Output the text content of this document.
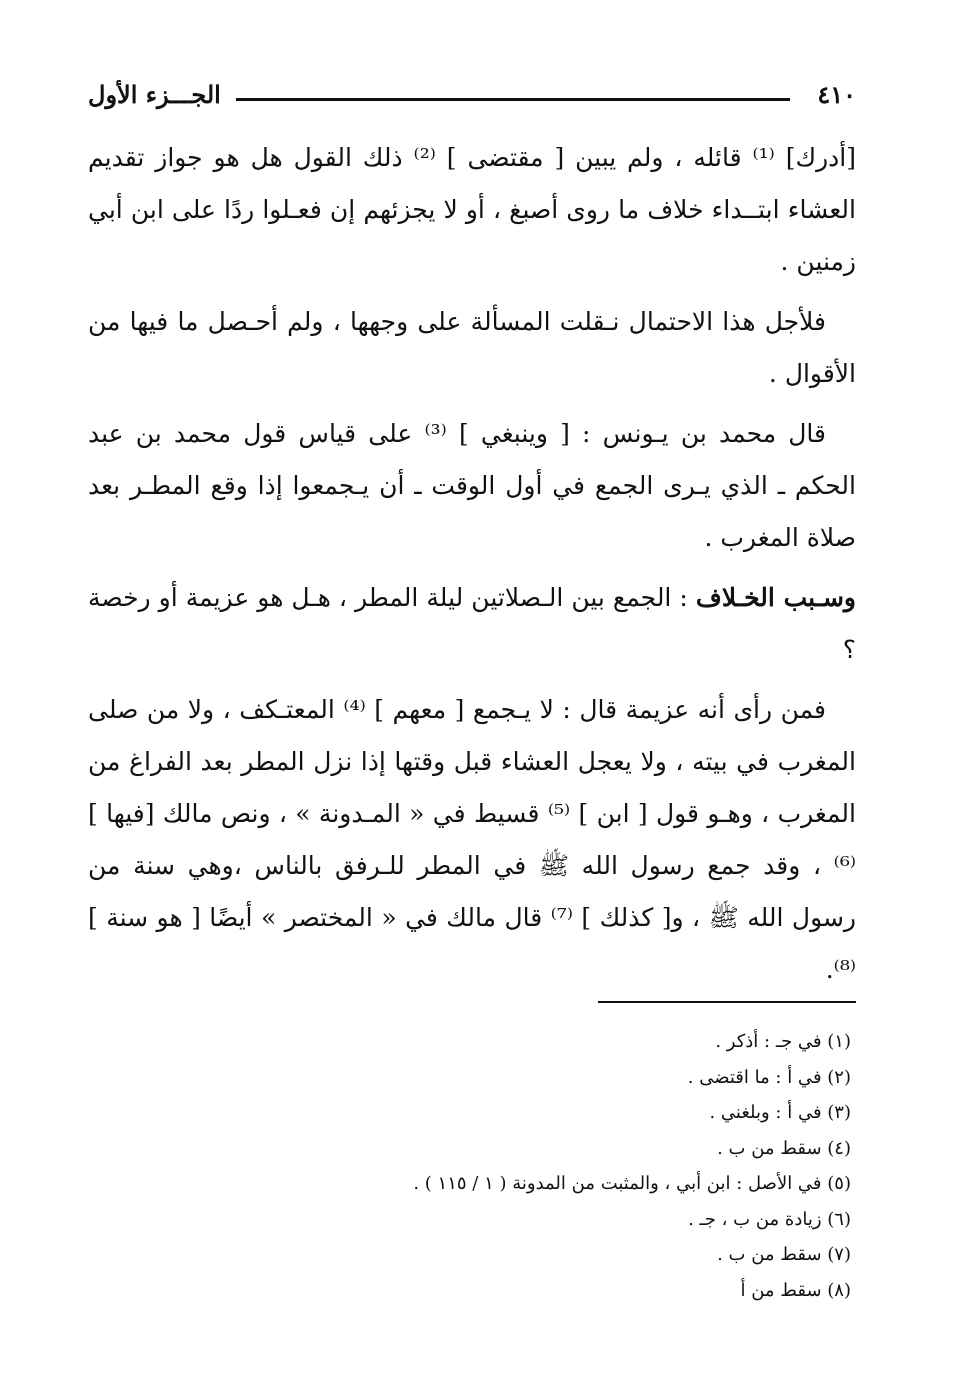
٤١٠
الجـــزء الأول

[أدرك] ⁽¹⁾ قائله ، ولم يبين [ مقتضى ] ⁽²⁾ ذلك القول هل هو جواز تقديم العشاء ابتــداء خلاف ما روى أصبغ ، أو لا يجزئهم إن فعـلوا ردًا على ابن أبي زمنين .

فلأجل هذا الاحتمال نـقلت المسألة على وجهها ، ولم أحـصل ما فيها من الأقوال .

قال محمد بن يـونس : [ وينبغي ] ⁽³⁾ على قياس قول محمد بن عبد الحكم ـ الذي يـرى الجمع في أول الوقت ـ أن يـجمعوا إذا وقع المطـر بعد صلاة المغرب .

وسـبب الخـلاف : الجمع بين الـصلاتين ليلة المطر ، هـل هو عزيمة أو رخصة ؟

فمن رأى أنه عزيمة قال : لا يـجمع [ معهم ] ⁽⁴⁾ المعتـكف ، ولا من صلى المغرب في بيته ، ولا يعجل العشاء قبل وقتها إذا نزل المطر بعد الفراغ من المغرب ، وهـو قول [ ابن ] ⁽⁵⁾ قسيط في « المـدونة » ، ونص مالك [فيها ] ⁽⁶⁾ ، وقد جمع رسول الله ﷺ في المطر للـرفق بالناس ،وهي سنة من رسول الله ﷺ ، و[ كذلك ] ⁽⁷⁾ قال مالك في « المختصر » أيضًا [ هو سنة ]⁽⁸⁾.

(١) في جـ : أذكر .
(٢) في أ : ما اقتضى .
(٣) في أ : وبلغني .
(٤) سقط من ب .
(٥) في الأصل : ابن أبي ، والمثبت من المدونة ( ١ / ١١٥ ) .
(٦) زيادة من ب ، جـ .
(٧) سقط من ب .
(٨) سقط من أ
